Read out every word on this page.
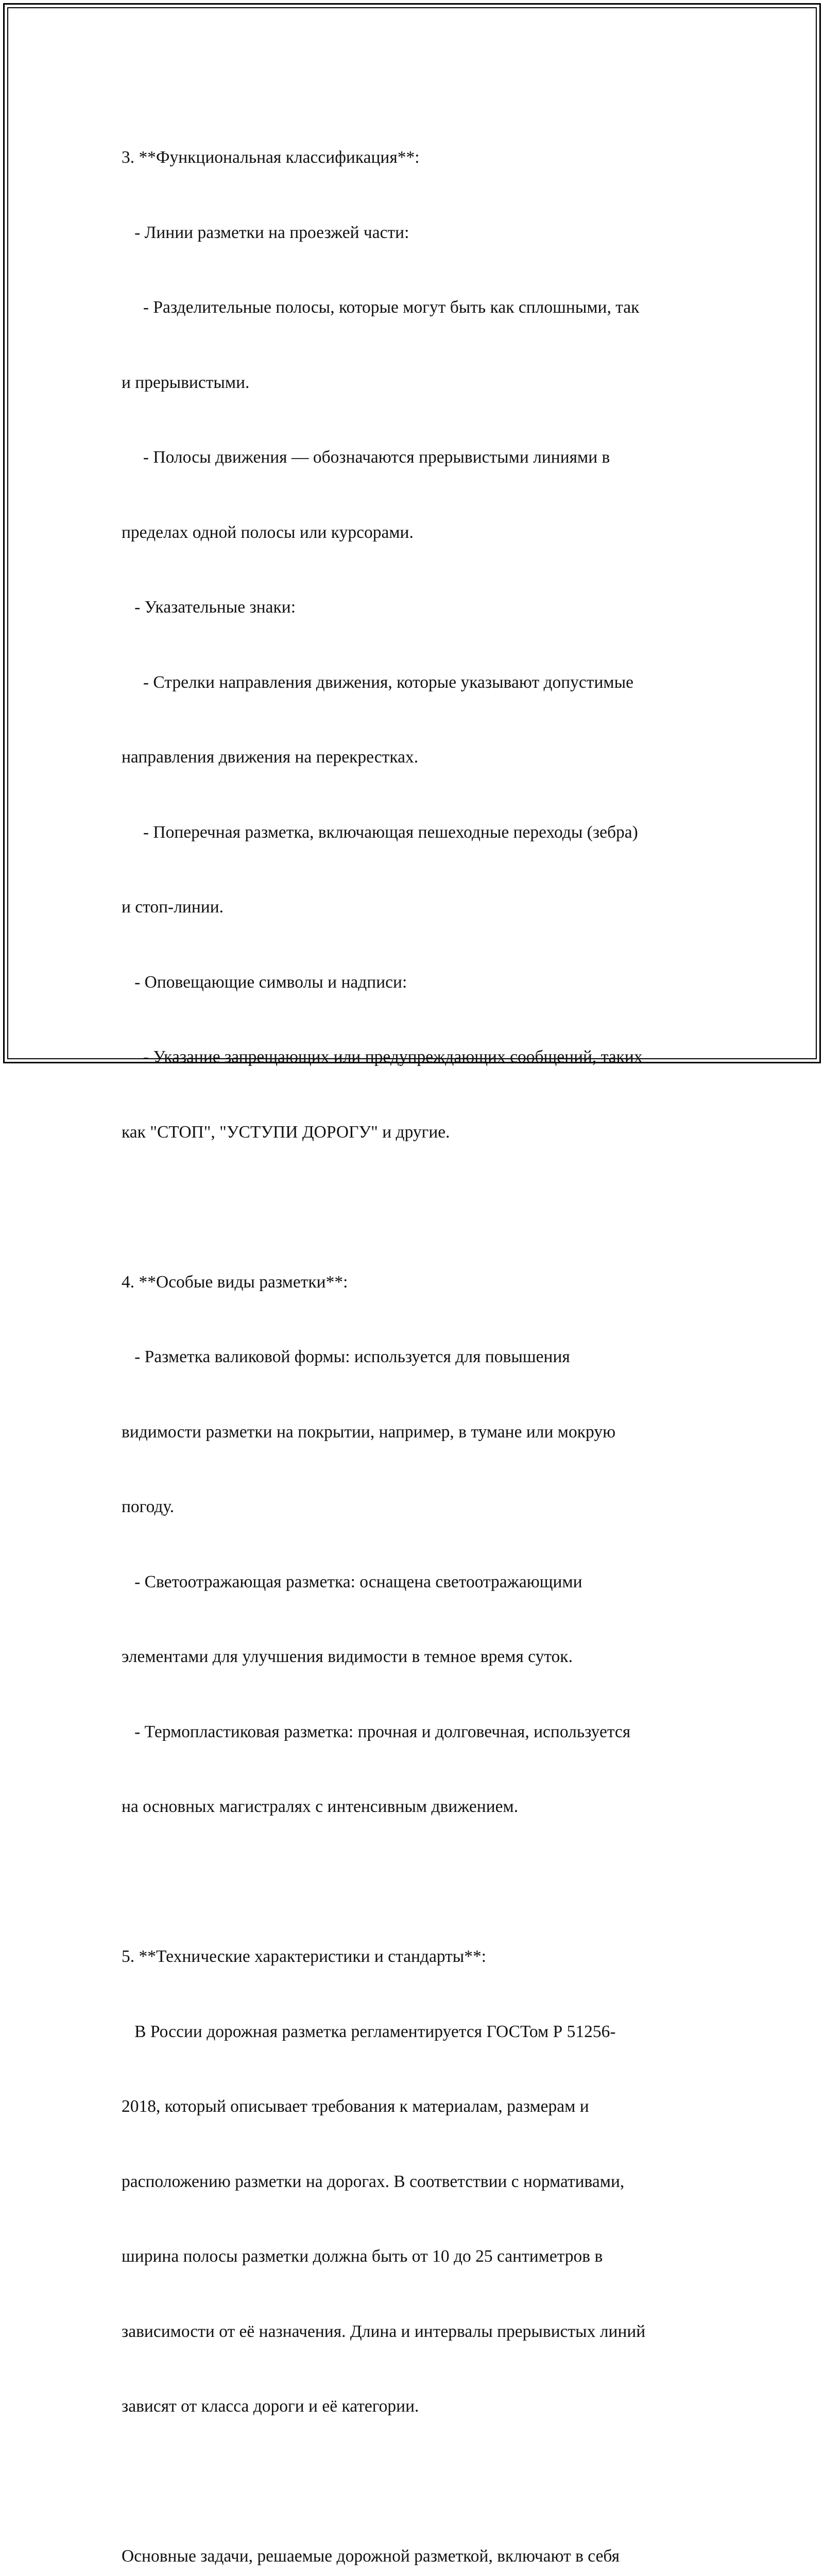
3. **Функциональная классификация**:

- Линии разметки на проезжей части:

- Разделительные полосы, которые могут быть как сплошными, так

и прерывистыми.

- Полосы движения — обозначаются прерывистыми линиями в

пределах одной полосы или курсорами.

- Указательные знаки:

- Стрелки направления движения, которые указывают допустимые

направления движения на перекрестках.

- Поперечная разметка, включающая пешеходные переходы (зебра)

и стоп-линии.

- Оповещающие символы и надписи:

- Указание запрещающих или предупреждающих сообщений, таких

как "СТОП", "УСТУПИ ДОРОГУ" и другие.

4. **Особые виды разметки**:

- Разметка валиковой формы: используется для повышения

видимости разметки на покрытии, например, в тумане или мокрую

погоду.

- Светоотражающая разметка: оснащена светоотражающими

элементами для улучшения видимости в темное время суток.

- Термопластиковая разметка: прочная и долговечная, используется

на основных магистралях с интенсивным движением.

5. **Технические характеристики и стандарты**:

В России дорожная разметка регламентируется ГОСТом Р 51256-

2018, который описывает требования к материалам, размерам и

расположению разметки на дорогах. В соответствии с нормативами,

ширина полосы разметки должна быть от 10 до 25 сантиметров в

зависимости от её назначения. Длина и интервалы прерывистых линий

зависят от класса дороги и её категории.

Основные задачи, решаемые дорожной разметкой, включают в себя
